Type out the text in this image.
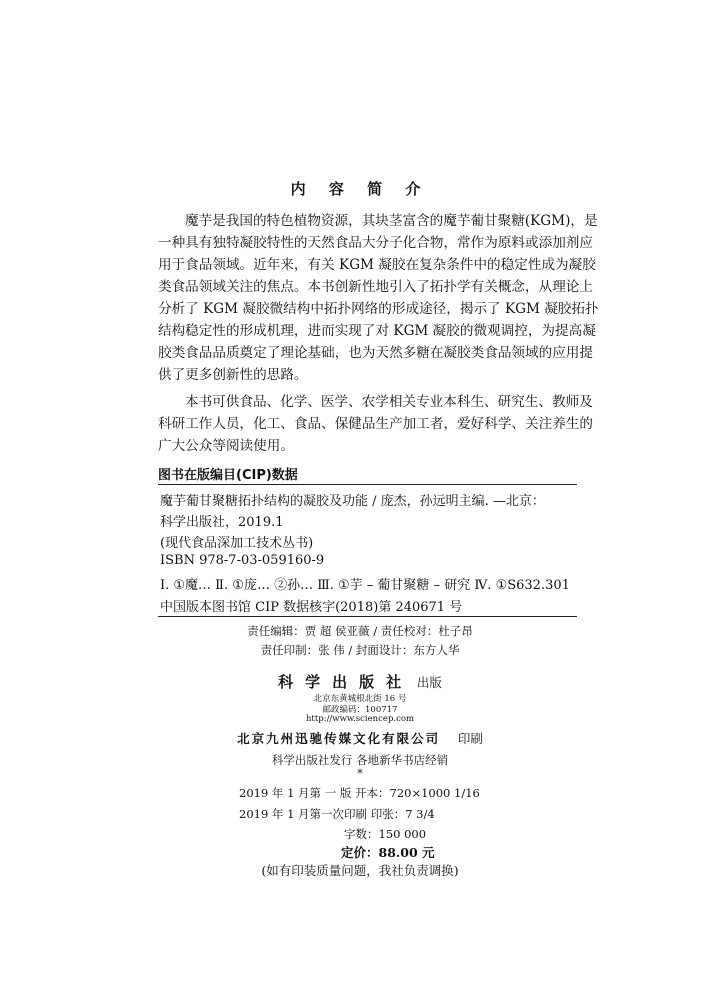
内 容 简 介
魔芋是我国的特色植物资源，其块茎富含的魔芋葡甘聚糖(KGM)，是
一种具有独特凝胶特性的天然食品大分子化合物，常作为原料或添加剂应
用于食品领域。近年来，有关 KGM 凝胶在复杂条件中的稳定性成为凝胶
类食品领域关注的焦点。本书创新性地引入了拓扑学有关概念，从理论上
分析了 KGM 凝胶微结构中拓扑网络的形成途径，揭示了 KGM 凝胶拓扑
结构稳定性的形成机理，进而实现了对 KGM 凝胶的微观调控，为提高凝
胶类食品品质奠定了理论基础，也为天然多糖在凝胶类食品领域的应用提
供了更多创新性的思路。
本书可供食品、化学、医学、农学相关专业本科生、研究生、教师及
科研工作人员，化工、食品、保健品生产加工者，爱好科学、关注养生的
广大公众等阅读使用。
图书在版编目(CIP)数据
魔芋葡甘聚糖拓扑结构的凝胶及功能 / 庞杰，孙远明主编. —北京：
科学出版社，2019.1
(现代食品深加工技术丛书)
ISBN 978-7-03-059160-9
Ⅰ. ①魔… Ⅱ. ①庞… ②孙… Ⅲ. ①芋 – 葡甘聚糖 – 研究 Ⅳ. ①S632.301
中国版本图书馆 CIP 数据核字(2018)第 240671 号
责任编辑：贾 超 侯亚薇 / 责任校对：杜子昂
责任印制：张 伟 / 封面设计：东方人华
科学出版社 出版
北京东黄城根北街 16 号
邮政编码：100717
http://www.sciencep.com
北京九州迅驰传媒文化有限公司 印刷
科学出版社发行 各地新华书店经销
*
2019 年 1 月第 一 版 开本：720×1000 1/16
2019 年 1 月第一次印刷 印张：7 3/4
字数：150 000
定价：88.00 元
(如有印装质量问题，我社负责调换)
